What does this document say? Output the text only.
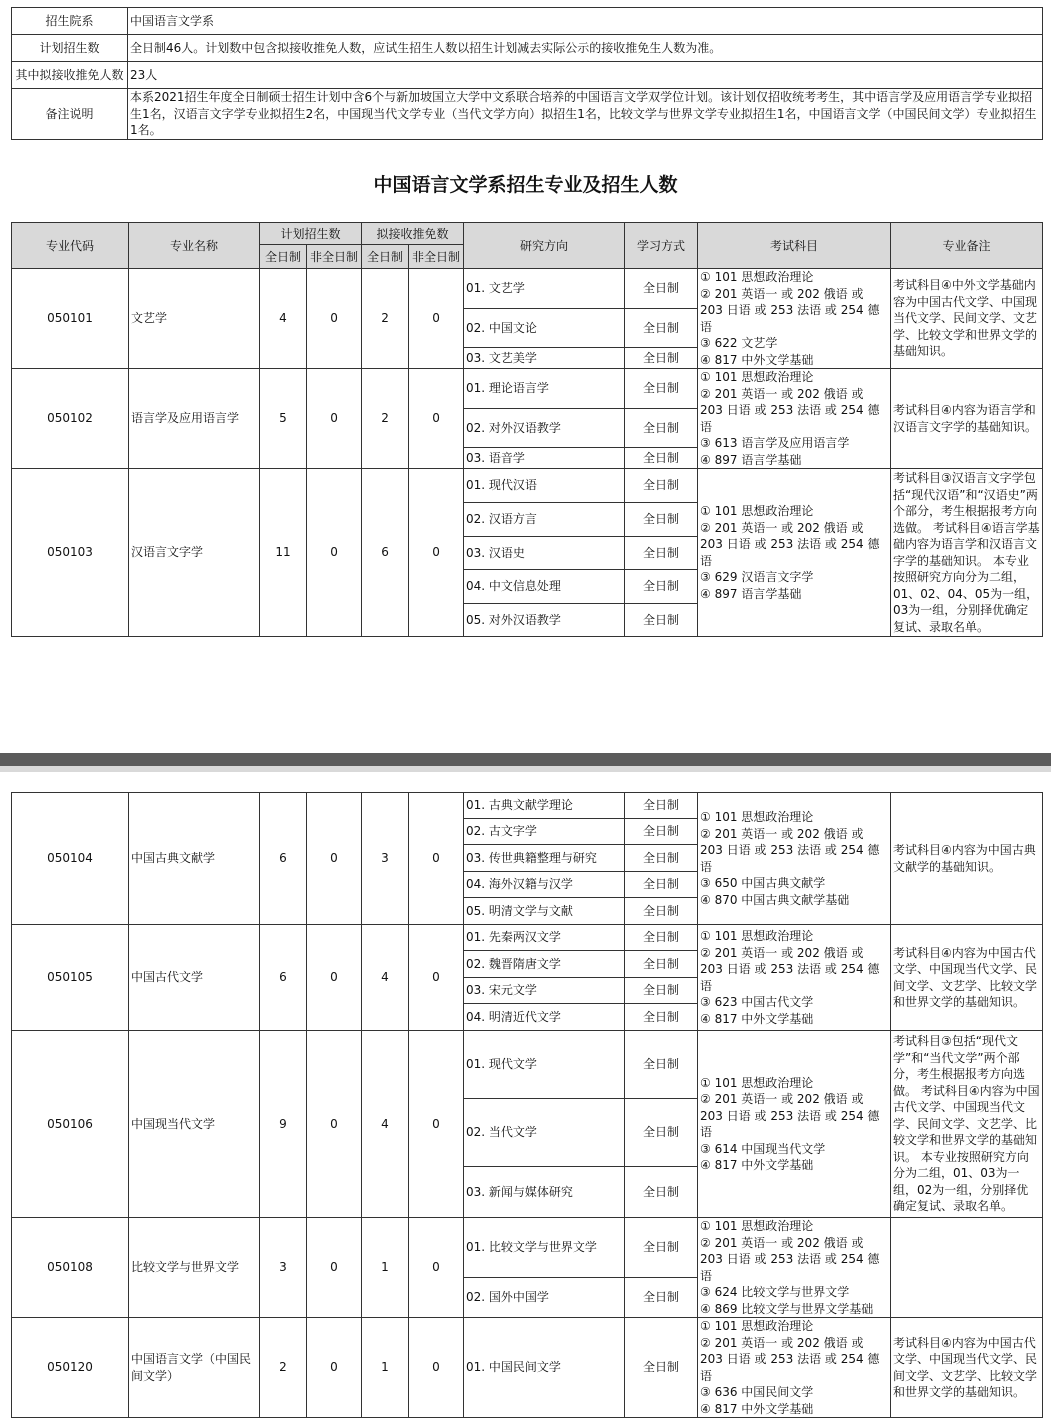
招生院系	中国语言文学系
计划招生数	全日制46人。计划数中包含拟接收推免人数，应试生招生人数以招生计划减去实际公示的接收推免生人数为准。
其中拟接收推免人数	23人
备注说明	本系2021招生年度全日制硕士招生计划中含6个与新加坡国立大学中文系联合培养的中国语言文学双学位计划。该计划仅招收统考考生，其中语言学及应用语言学专业拟招生1名，汉语言文字学专业拟招生2名，中国现当代文学专业（当代文学方向）拟招生1名，比较文学与世界文学专业拟招生1名，中国语言文学（中国民间文学）专业拟招生1名。
中国语言文学系招生专业及招生人数
专业代码	专业名称	计划招生数		拟接收推免数		研究方向	学习方式	考试科目	专业备注
		全日制	非全日制	全日制	非全日制				
050101	文艺学	4	0	2	0	01. 文艺学	全日制	① 101 思想政治理论
② 201 英语一 或 202 俄语 或 203 日语 或 253 法语 或 254 德语
③ 622 文艺学
④ 817 中外文学基础	考试科目④中外文学基础内容为中国古代文学、中国现当代文学、民间文学、文艺学、比较文学和世界文学的基础知识。

						02. 中国文论	全日制		
						03. 文艺美学	全日制		
050102	语言学及应用语言学	5	0	2	0	01. 理论语言学	全日制	① 101 思想政治理论
② 201 英语一 或 202 俄语 或 203 日语 或 253 法语 或 254 德语
③ 613 语言学及应用语言学
④ 897 语言学基础	考试科目④内容为语言学和汉语言文字学的基础知识。

						02. 对外汉语教学	全日制		
						03. 语音学	全日制		
050103	汉语言文字学	11	0	6	0	01. 现代汉语	全日制	① 101 思想政治理论
② 201 英语一 或 202 俄语 或 203 日语 或 253 法语 或 254 德语
③ 629 汉语言文字学
④ 897 语言学基础	考试科目③汉语言文字学包括“现代汉语”和“汉语史”两个部分，考生根据报考方向选做。 考试科目④语言学基础内容为语言学和汉语言文字学的基础知识。 本专业按照研究方向分为二组，01、02、04、05为一组，03为一组，分别择优确定复试、录取名单。

						02. 汉语方言	全日制		
						03. 汉语史	全日制		
						04. 中文信息处理	全日制		
						05. 对外汉语教学	全日制		
050104	中国古典文献学	6	0	3	0	01. 古典文献学理论	全日制	① 101 思想政治理论
② 201 英语一 或 202 俄语 或 203 日语 或 253 法语 或 254 德语
③ 650 中国古典文献学
④ 870 中国古典文献学基础	考试科目④内容为中国古典文献学的基础知识。

						02. 古文字学	全日制		
						03. 传世典籍整理与研究	全日制		
						04. 海外汉籍与汉学	全日制		
						05. 明清文学与文献	全日制		
050105	中国古代文学	6	0	4	0	01. 先秦两汉文学	全日制	① 101 思想政治理论
② 201 英语一 或 202 俄语 或 203 日语 或 253 法语 或 254 德语
③ 623 中国古代文学
④ 817 中外文学基础	考试科目④内容为中国古代文学、中国现当代文学、民间文学、文艺学、比较文学和世界文学的基础知识。

						02. 魏晋隋唐文学	全日制		
						03. 宋元文学	全日制		
						04. 明清近代文学	全日制		
050106	中国现当代文学	9	0	4	0	01. 现代文学	全日制	① 101 思想政治理论
② 201 英语一 或 202 俄语 或 203 日语 或 253 法语 或 254 德语
③ 614 中国现当代文学
④ 817 中外文学基础	考试科目③包括“现代文学”和“当代文学”两个部分，考生根据报考方向选做。 考试科目④内容为中国古代文学、中国现当代文学、民间文学、文艺学、比较文学和世界文学的基础知识。 本专业按照研究方向分为二组，01、03为一组，02为一组，分别择优确定复试、录取名单。

						02. 当代文学	全日制		
						03. 新闻与媒体研究	全日制		
050108	比较文学与世界文学	3	0	1	0	01. 比较文学与世界文学	全日制	① 101 思想政治理论
② 201 英语一 或 202 俄语 或 203 日语 或 253 法语 或 254 德语
③ 624 比较文学与世界文学
④ 869 比较文学与世界文学基础	

						02. 国外中国学	全日制		
050120	中国语言文学（中国民间文学）	2	0	1	0	01. 中国民间文学	全日制	① 101 思想政治理论
② 201 英语一 或 202 俄语 或 203 日语 或 253 法语 或 254 德语
③ 636 中国民间文学
④ 817 中外文学基础	考试科目④内容为中国古代文学、中国现当代文学、民间文学、文艺学、比较文学和世界文学的基础知识。
